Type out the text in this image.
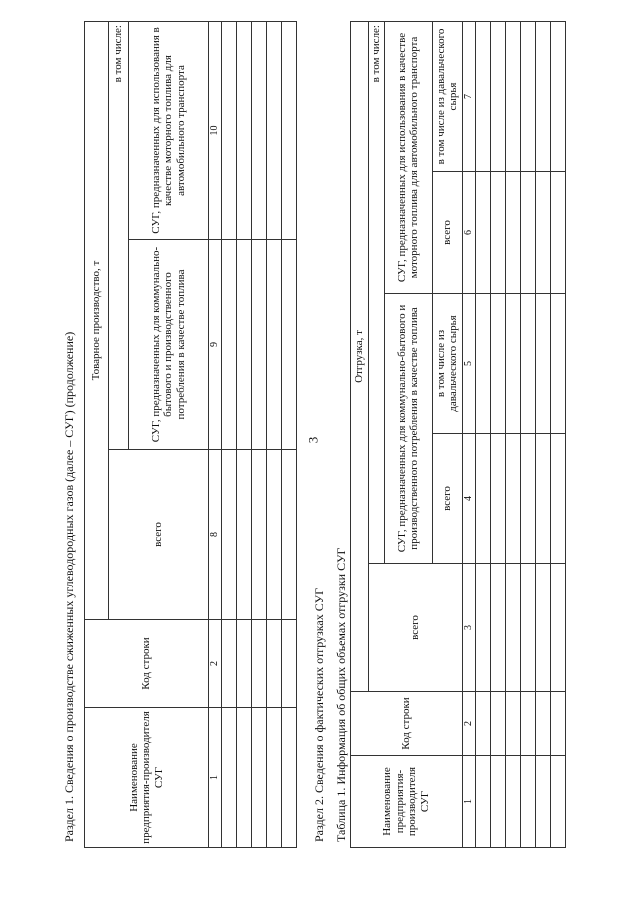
3
Раздел 1. Сведения о производстве сжиженных углеводородных газов (далее – СУГ) (продолжение)	Наименование предприятия-производителя СУГ	Код строки	Товарное производство, т		
		всего	в том числе:	
			СУГ, предназначенных для коммунально-бытового и производственного потребления в качестве топлива	СУГ, предназначенных для использования в качестве моторного топлива для автомобильного транспорта
1	2	8	9	10

Раздел 2. Сведения о фактических отгрузках СУГ Таблица 1. Информация об общих объемах отгрузки СУГ	Наименование предприятия-производителя СУГ	Код строки	Отгрузка, т				
		всего	в том числе:			
			СУГ, предназначенных для коммунально-бытового и производственного потребления в качестве топлива		СУГ, предназначенных для использования в качестве моторного топлива для автомобильного транспорта	
			всего	в том числе из давальческого сырья	всего	в том числе из давальческого сырья
1	2	3	4	5	6	7
